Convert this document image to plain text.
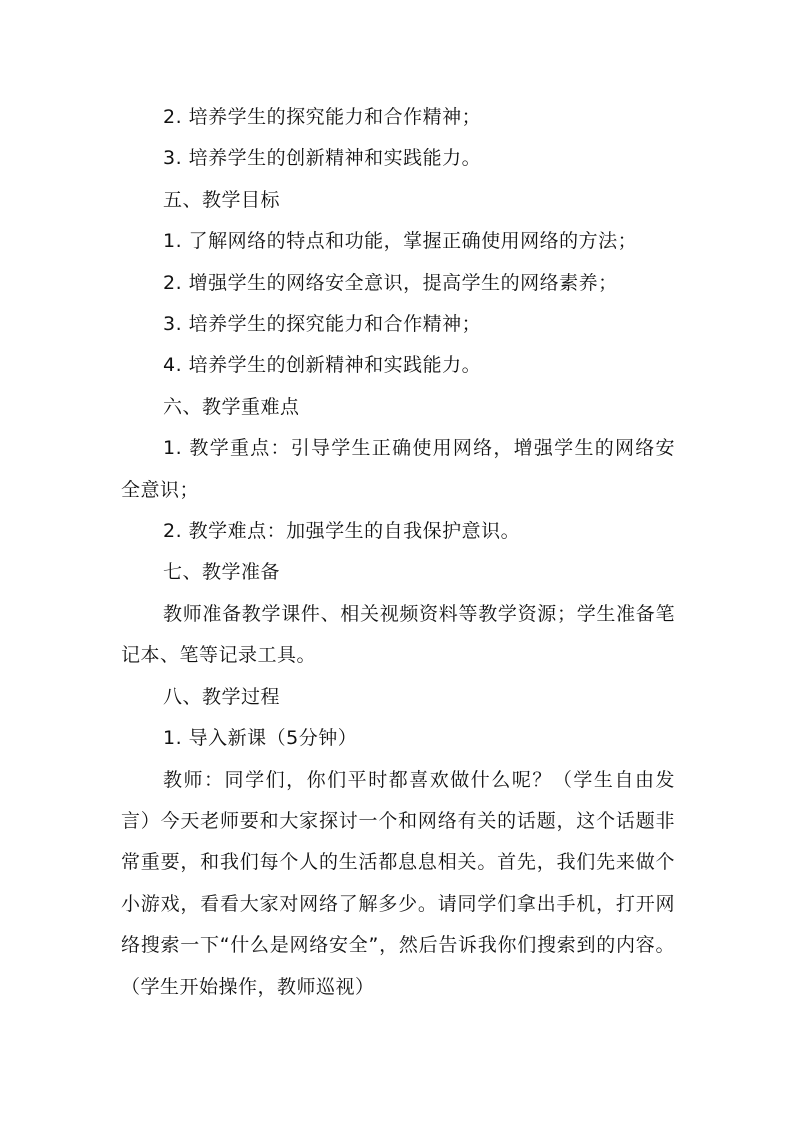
2. 培养学生的探究能力和合作精神；

3. 培养学生的创新精神和实践能力。

五、教学目标

1. 了解网络的特点和功能，掌握正确使用网络的方法；

2. 增强学生的网络安全意识，提高学生的网络素养；

3. 培养学生的探究能力和合作精神；

4. 培养学生的创新精神和实践能力。

六、教学重难点

1. 教学重点：引导学生正确使用网络，增强学生的网络安全意识；

2. 教学难点：加强学生的自我保护意识。

七、教学准备

教师准备教学课件、相关视频资料等教学资源；学生准备笔记本、笔等记录工具。

八、教学过程

1. 导入新课（5分钟）

教师：同学们，你们平时都喜欢做什么呢？（学生自由发言）今天老师要和大家探讨一个和网络有关的话题，这个话题非常重要，和我们每个人的生活都息息相关。首先，我们先来做个小游戏，看看大家对网络了解多少。请同学们拿出手机，打开网络搜索一下“什么是网络安全”，然后告诉我你们搜索到的内容。（学生开始操作，教师巡视）
